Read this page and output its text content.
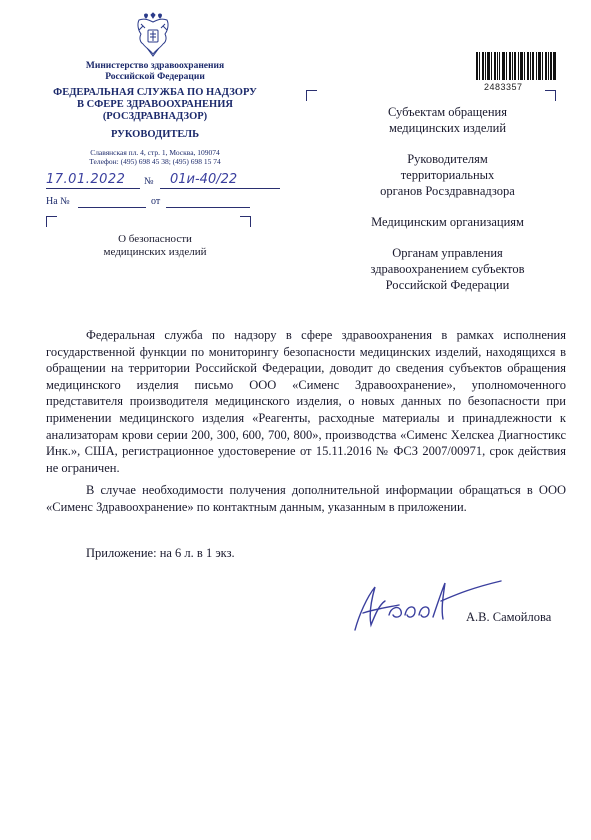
Министерство здравоохранения
Российской Федерации
ФЕДЕРАЛЬНАЯ СЛУЖБА ПО НАДЗОРУ
В СФЕРЕ ЗДРАВООХРАНЕНИЯ
(РОСЗДРАВНАДЗОР)
РУКОВОДИТЕЛЬ
Славянская пл. 4, стр. 1, Москва, 109074
Телефон: (495) 698 45 38; (495) 698 15 74
17.01.2022	№ 01и-40/22
На №	от
О безопасности
медицинских изделий
2483357
Субъектам обращения
медицинских изделий
Руководителям
территориальных
органов Росздравнадзора
Медицинским организациям
Органам управления
здравоохранением субъектов
Российской Федерации

Федеральная служба по надзору в сфере здравоохранения в рамках исполнения государственной функции по мониторингу безопасности медицинских изделий, находящихся в обращении на территории Российской Федерации, доводит до сведения субъектов обращения медицинского изделия письмо ООО «Сименс Здравоохранение», уполномоченного представителя производителя медицинского изделия, о новых данных по безопасности при применении медицинского изделия «Реагенты, расходные материалы и принадлежности к анализаторам крови серии 200, 300, 600, 700, 800», производства «Сименс Хелскеа Диагностикс Инк.», США, регистрационное удостоверение от 15.11.2016 № ФСЗ 2007/00971, срок действия не ограничен.

В случае необходимости получения дополнительной информации обращаться в ООО «Сименс Здравоохранение» по контактным данным, указанным в приложении.

Приложение: на 6 л. в 1 экз.
А.В. Самойлова
